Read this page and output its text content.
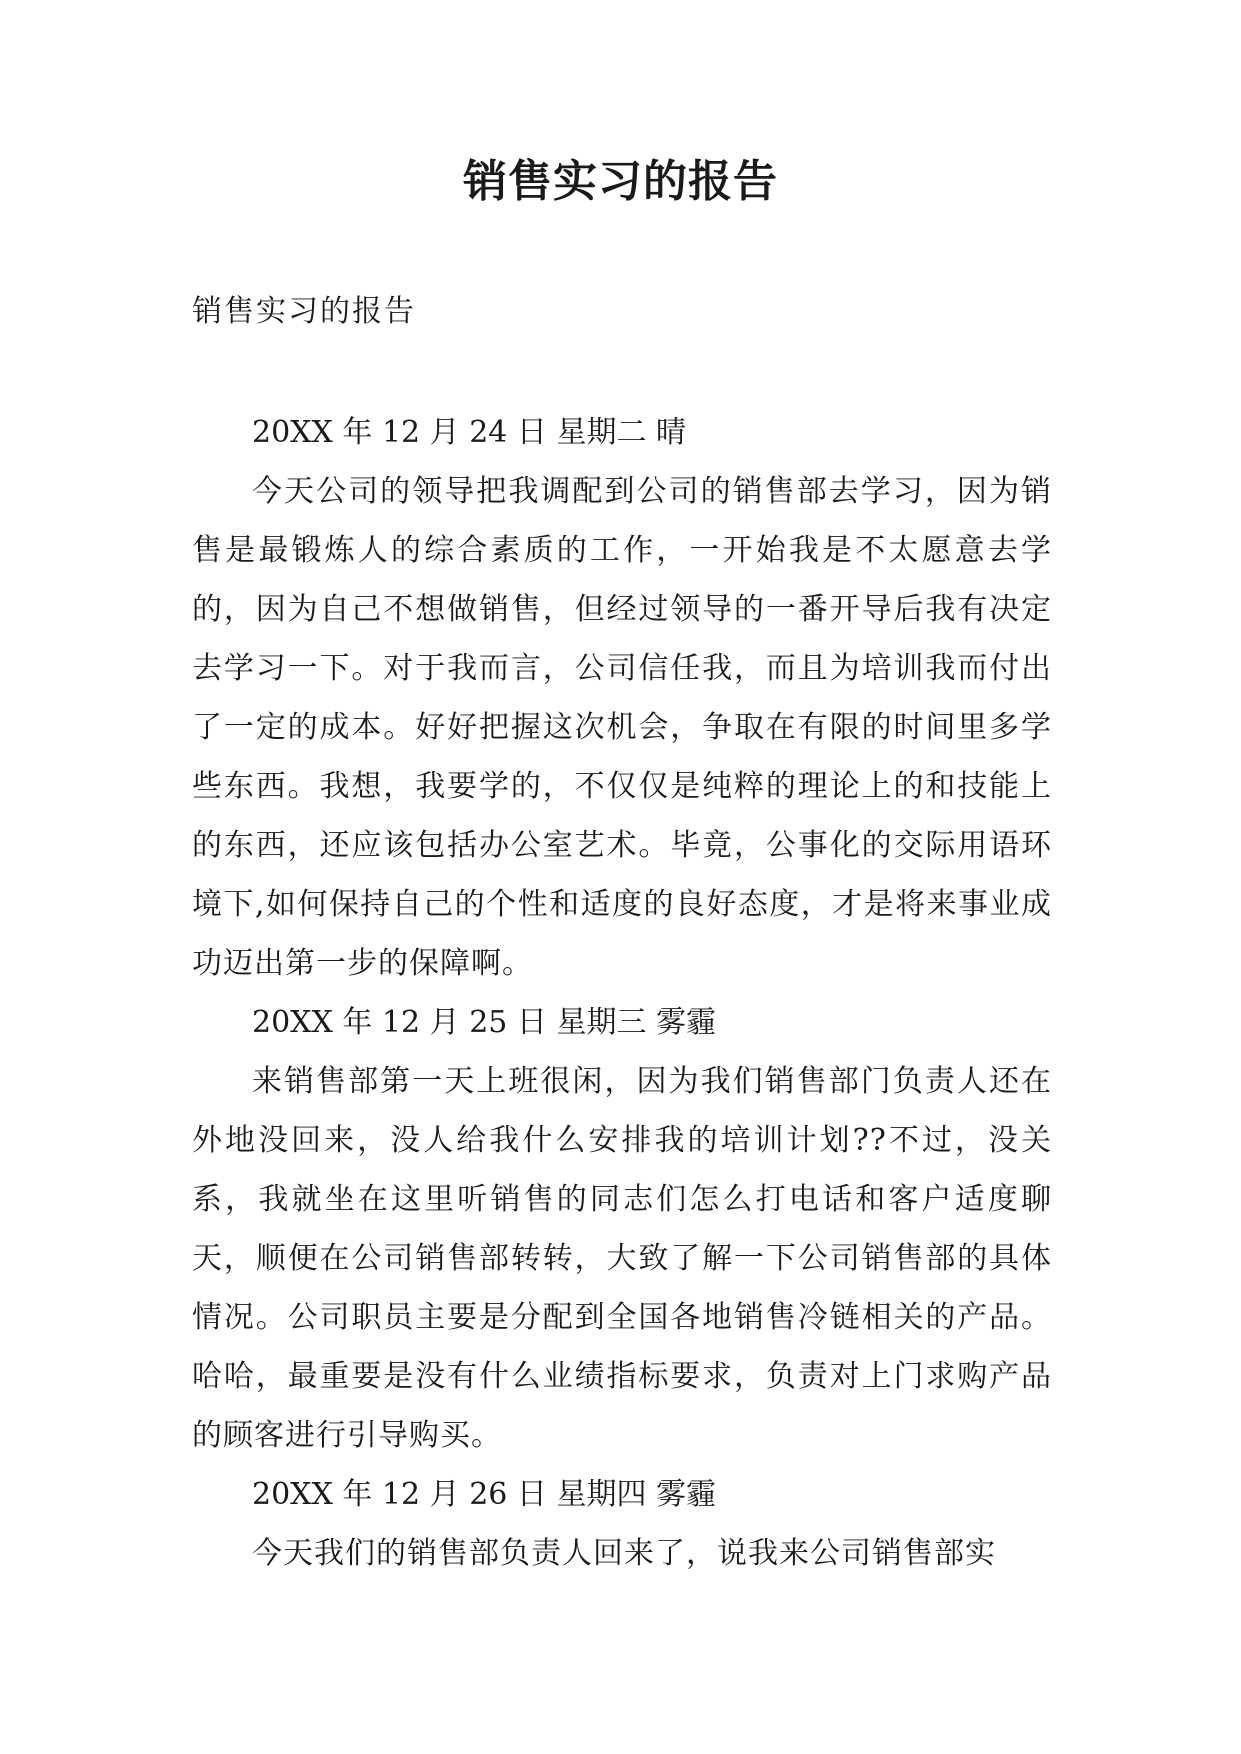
销售实习的报告
销售实习的报告

20XX 年 12 月 24 日 星期二 晴

今天公司的领导把我调配到公司的销售部去学习，因为销售是最锻炼人的综合素质的工作，一开始我是不太愿意去学的，因为自己不想做销售，但经过领导的一番开导后我有决定去学习一下。对于我而言，公司信任我，而且为培训我而付出了一定的成本。好好把握这次机会，争取在有限的时间里多学些东西。我想，我要学的，不仅仅是纯粹的理论上的和技能上的东西，还应该包括办公室艺术。毕竟，公事化的交际用语环境下,如何保持自己的个性和适度的良好态度，才是将来事业成功迈出第一步的保障啊。

20XX 年 12 月 25 日 星期三 雾霾

来销售部第一天上班很闲，因为我们销售部门负责人还在外地没回来，没人给我什么安排我的培训计划??不过，没关系，我就坐在这里听销售的同志们怎么打电话和客户适度聊天，顺便在公司销售部转转，大致了解一下公司销售部的具体情况。公司职员主要是分配到全国各地销售冷链相关的产品。哈哈，最重要是没有什么业绩指标要求，负责对上门求购产品的顾客进行引导购买。

20XX 年 12 月 26 日 星期四 雾霾

今天我们的销售部负责人回来了，说我来公司销售部实
